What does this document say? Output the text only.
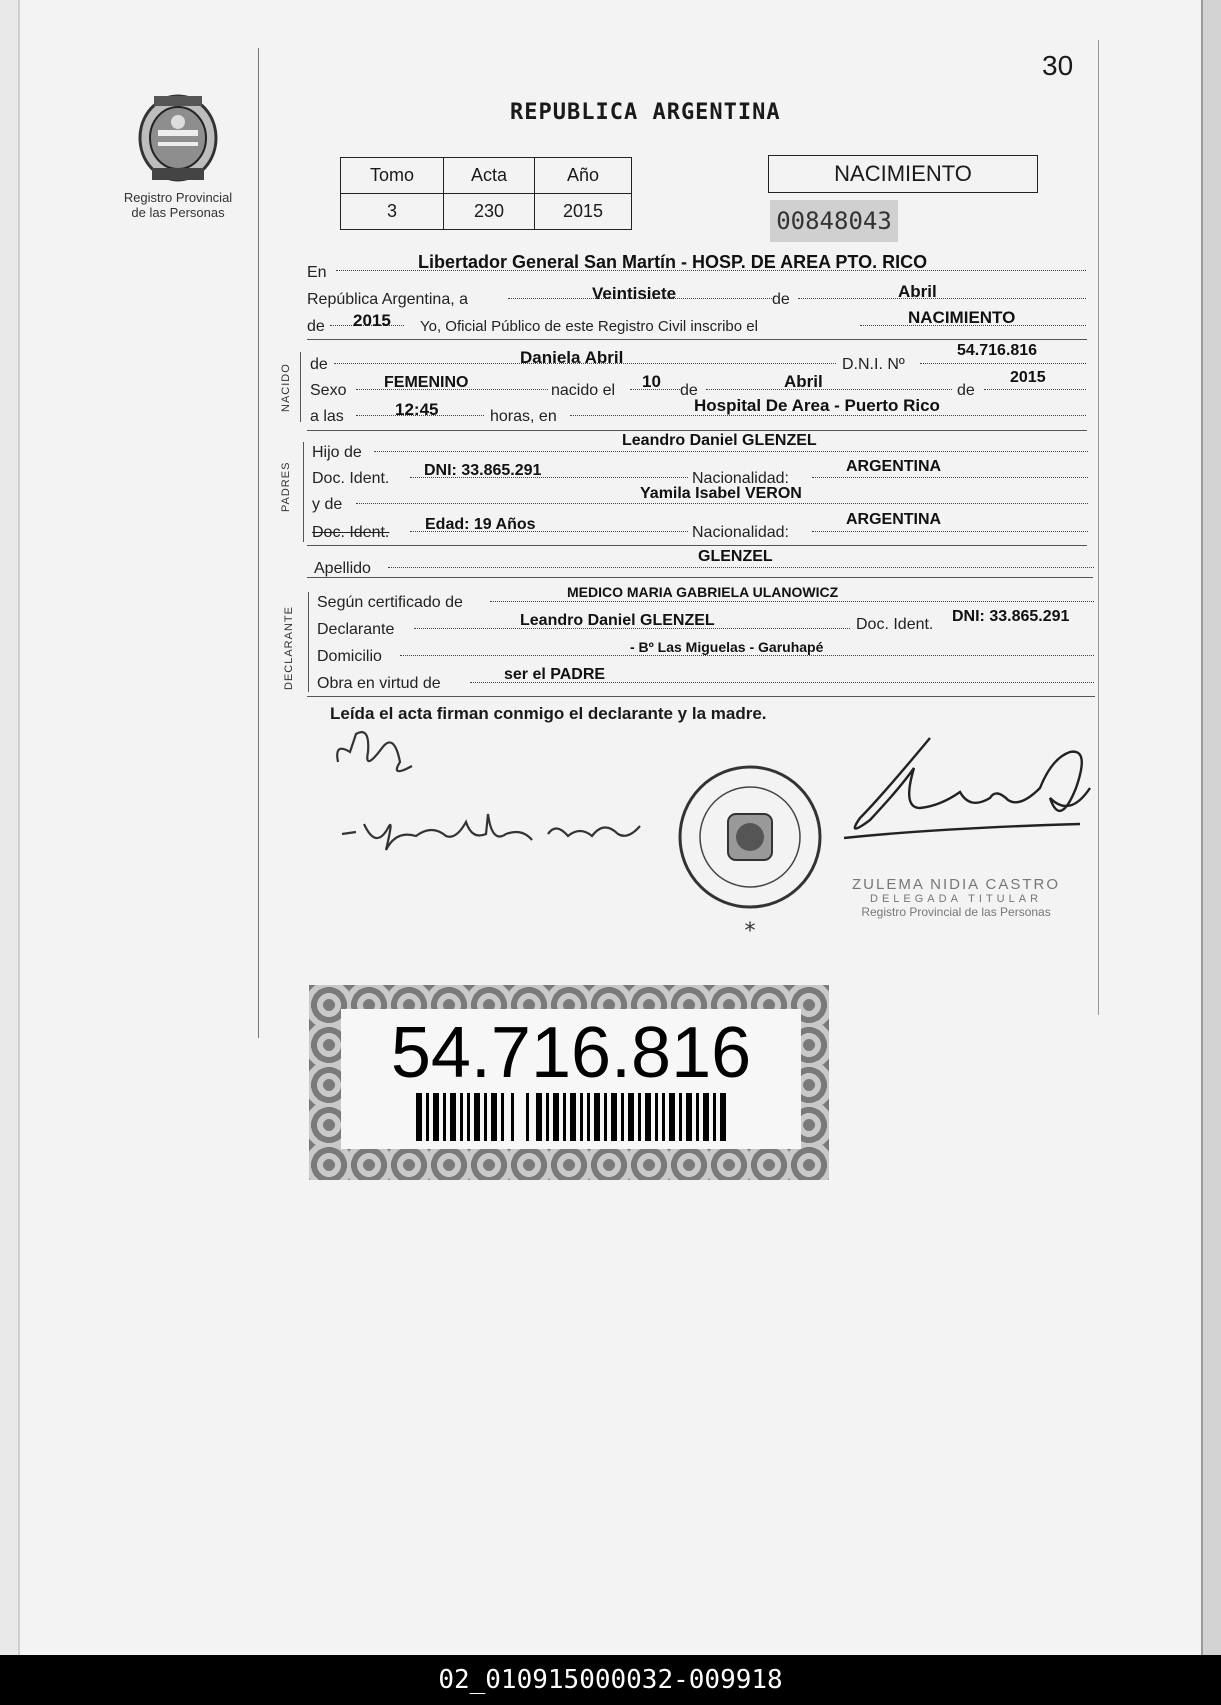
30
Registro Provincial
de las Personas
REPUBLICA ARGENTINA
Tomo	Acta	Año
3	230	2015
NACIMIENTO
00848043
En
Libertador General San Martín - HOSP. DE AREA PTO. RICO
República Argentina, a	Veintisiete	de	Abril
de 2015 Yo, Oficial Público de este Registro Civil inscribo el	NACIMIENTO
NACIDO de	Daniela Abril	D.N.I. Nº
54.716.816
Sexo FEMENINO	nacido el 10 de	Abril	de
2015
a las	12:45	horas, en
Hospital De Area - Puerto Rico
PADRES
Hijo de
Leandro Daniel GLENZEL
Doc. Ident. DNI: 33.865.291	Nacionalidad:
ARGENTINA
y de
Yamila Isabel VERON
Doc. Ident. Edad: 19 Años	Nacionalidad:
ARGENTINA
Apellido
GLENZEL
DECLARANTE
Según certificado de
MEDICO MARIA GABRIELA ULANOWICZ
Declarante
Leandro Daniel GLENZEL	Doc. Ident. DNI: 33.865.291
Domicilio
- Bº Las Miguelas - Garuhapé
Obra en virtud de
ser el PADRE
Leída el acta firman conmigo el declarante y la madre.
*
ZULEMA NIDIA CASTRO
DELEGADA TITULAR
Registro Provincial de las Personas
54.716.816
02_010915000032-009918
